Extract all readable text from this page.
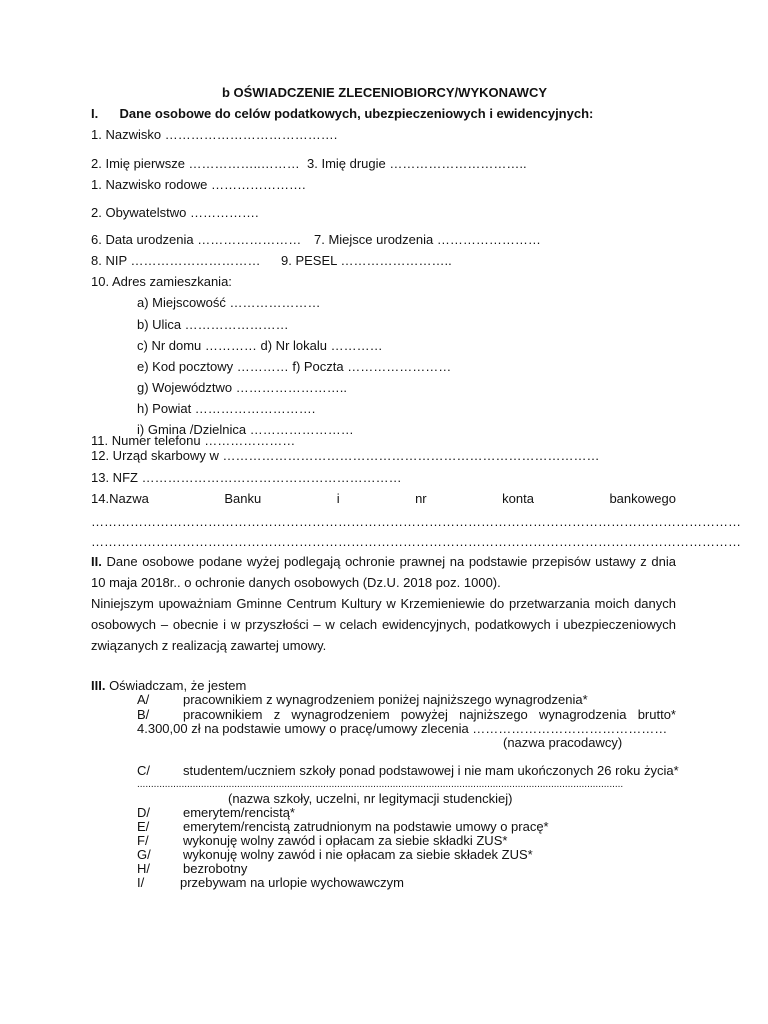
b OŚWIADCZENIE ZLECENIOBIORCY/WYKONAWCY
I. Dane osobowe do celów podatkowych, ubezpieczeniowych i ewidencyjnych:
1. Nazwisko ………………………………….
2. Imię pierwsze ……………..……… 3. Imię drugie …………………………..
1. Nazwisko rodowe ………………….
2. Obywatelstwo …………….
6. Data urodzenia …………………… 7. Miejsce urodzenia ……………………
8. NIP ………………………… 9. PESEL ……………………..
10. Adres zamieszkania:
a) Miejscowość …………………
b) Ulica ……………………
c) Nr domu ………… d) Nr lokalu …………
e) Kod pocztowy ………… f) Poczta ……………………
g) Województwo ……………………..
h) Powiat ……………………….
i) Gmina /Dzielnica ……………………
11. Numer telefonu …………………
12. Urząd skarbowy w ……………………………………………………………………………
13. NFZ ……………………………………………………
14.Nazwa	Banku	i	nr	konta	bankowego
……………………………………………………………………………………………………………………………………
……………………………………………………………………………………………………………………………………
II. Dane osobowe podane wyżej podlegają ochronie prawnej na podstawie przepisów ustawy z dnia 10 maja 2018r.. o ochronie danych osobowych (Dz.U. 2018 poz. 1000).
Niniejszym upoważniam Gminne Centrum Kultury w Krzemieniewie do przetwarzania moich danych osobowych – obecnie i w przyszłości – w celach ewidencyjnych, podatkowych i ubezpieczeniowych związanych z realizacją zawartej umowy.
III. Oświadczam, że jestem
A/	pracownikiem z wynagrodzeniem poniżej najniższego wynagrodzenia*
B/	pracownikiem z wynagrodzeniem powyżej najniższego wynagrodzenia brutto*
4.300,00 zł na podstawie umowy o pracę/umowy zlecenia ………………………………………
(nazwa pracodawcy)
C/	studentem/uczniem szkoły ponad podstawowej i nie mam ukończonych 26 roku życia*
...............................................................................................................................................................................
(nazwa szkoły, uczelni, nr legitymacji studenckiej)
D/	emerytem/rencistą*
E/	emerytem/rencistą zatrudnionym na podstawie umowy o pracę*
F/	wykonuję wolny zawód i opłacam za siebie składki ZUS*
G/ wykonuję wolny zawód i nie opłacam za siebie składek ZUS*
H/	bezrobotny
I/	przebywam na urlopie wychowawczym
